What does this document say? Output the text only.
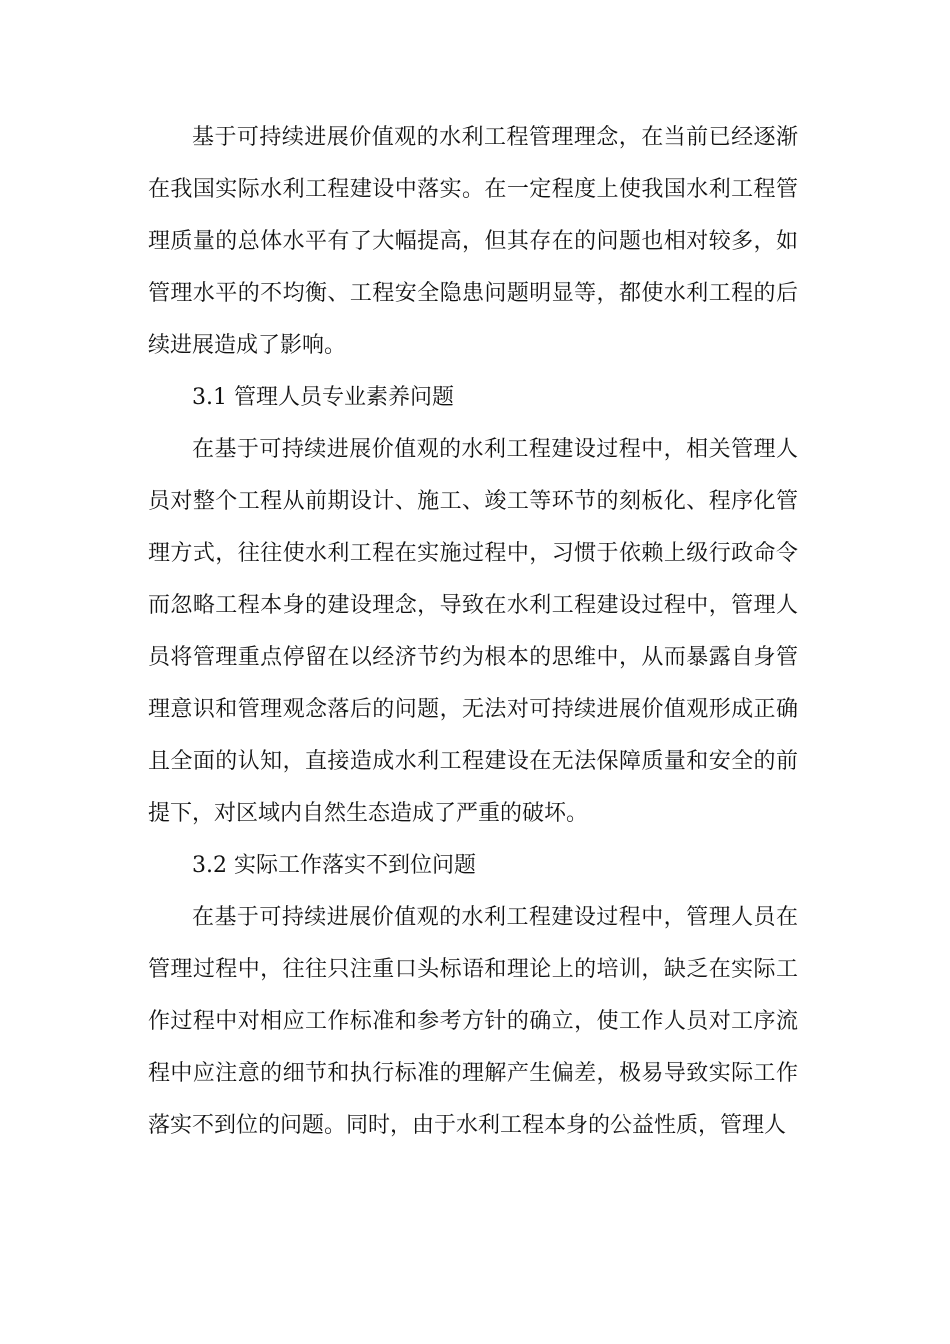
基于可持续进展价值观的水利工程管理理念，在当前已经逐渐在我国实际水利工程建设中落实。在一定程度上使我国水利工程管理质量的总体水平有了大幅提高，但其存在的问题也相对较多，如管理水平的不均衡、工程安全隐患问题明显等，都使水利工程的后续进展造成了影响。

3.1 管理人员专业素养问题

在基于可持续进展价值观的水利工程建设过程中，相关管理人员对整个工程从前期设计、施工、竣工等环节的刻板化、程序化管理方式，往往使水利工程在实施过程中，习惯于依赖上级行政命令而忽略工程本身的建设理念，导致在水利工程建设过程中，管理人员将管理重点停留在以经济节约为根本的思维中，从而暴露自身管理意识和管理观念落后的问题，无法对可持续进展价值观形成正确且全面的认知，直接造成水利工程建设在无法保障质量和安全的前提下，对区域内自然生态造成了严重的破坏。

3.2 实际工作落实不到位问题

在基于可持续进展价值观的水利工程建设过程中，管理人员在管理过程中，往往只注重口头标语和理论上的培训，缺乏在实际工作过程中对相应工作标准和参考方针的确立，使工作人员对工序流程中应注意的细节和执行标准的理解产生偏差，极易导致实际工作落实不到位的问题。同时，由于水利工程本身的公益性质，管理人
